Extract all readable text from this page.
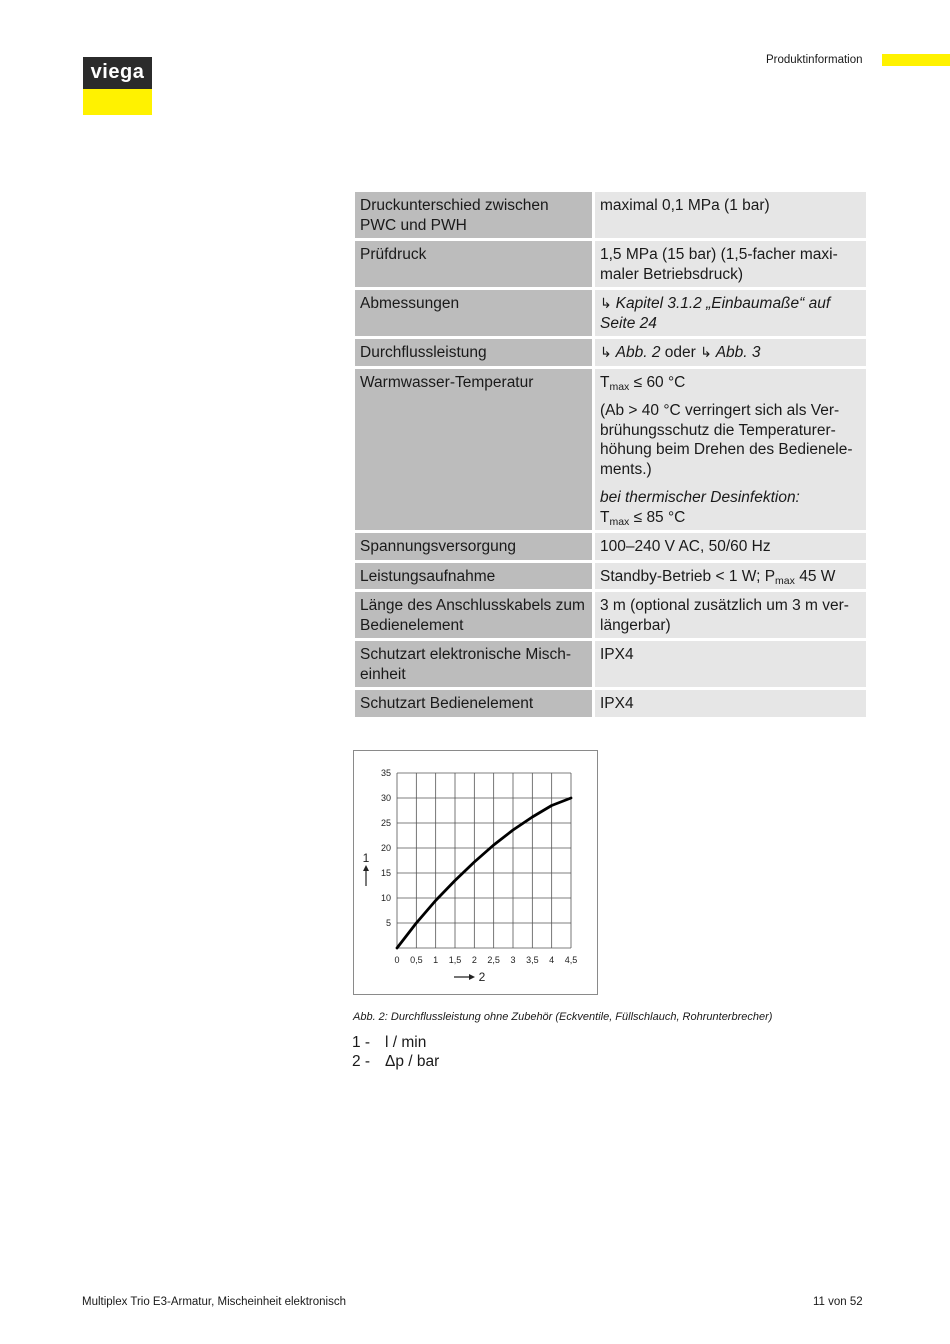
viega
Produktinformation
Druckunterschied zwischen PWC und PWH	maximal 0,1 MPa (1 bar)
Prüfdruck	1,5 MPa (15 bar) (1,5-facher maxi-maler Betriebsdruck)
Abmessungen	↳ Kapitel 3.1.2 „Einbaumaße“ auf Seite 24
Durchflussleistung	↳ Abb. 2 oder ↳ Abb. 3
Warmwasser-Temperatur	$T_{max} \le 60$ °C

(Ab > 40 °C verringert sich als Ver-brühungsschutz die Temperaturer-höhung beim Drehen des Bedienele-ments.)

bei thermischer Desinfektion:
$T_{max} \le 85$ °C

Spannungsversorgung	100–240 V AC, 50/60 Hz
Leistungsaufnahme	Standby-Betrieb < 1 W; $P_{max}$ 45 W
Länge des Anschlusskabels zum Bedienelement	3 m (optional zusätzlich um 3 m ver-längerbar)
Schutzart elektronische Misch-einheit	IPX4
Schutzart Bedienelement	IPX4
0 0,5 1 1,5 2 2,5 3 3,5 4 4,5
5
10
15
20
25
30
35
1
2
Abb. 2: Durchflussleistung ohne Zubehör (Eckventile, Füllschlauch, Rohrunterbrecher)
1 - l / min
2 - Δp / bar
Multiplex Trio E3-Armatur, Mischeinheit elektronisch	11 von 52
